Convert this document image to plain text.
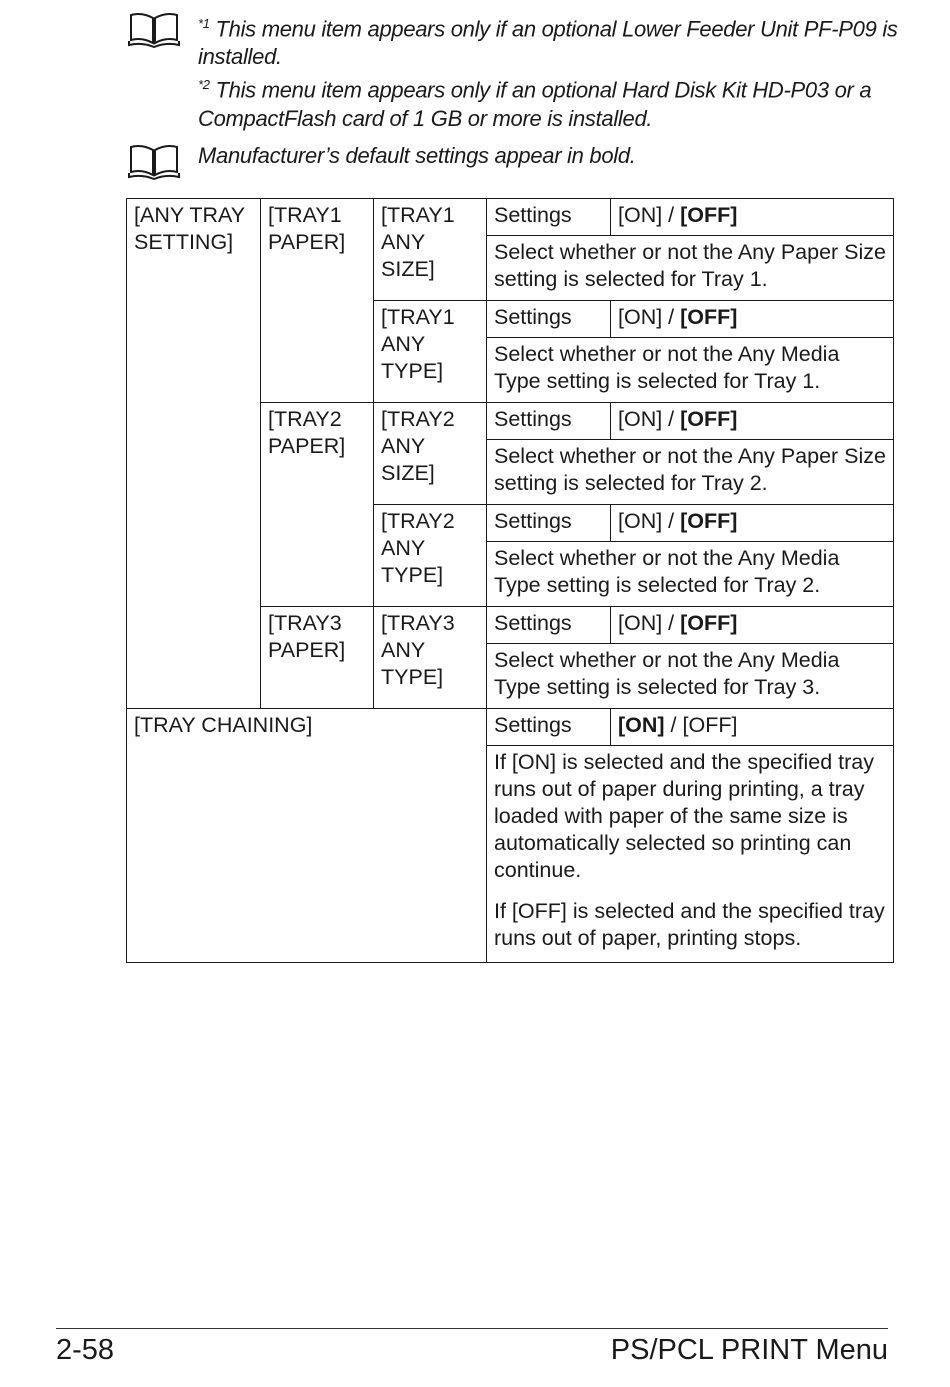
$^{*1}$ This menu item appears only if an optional Lower Feeder Unit PF-P09 is installed.

$^{*2}$ This menu item appears only if an optional Hard Disk Kit HD-P03 or a CompactFlash card of 1 GB or more is installed.

Manufacturer’s default settings appear in bold.

[ANY TRAY SETTING]	[TRAY1 PAPER]	[TRAY1 ANY SIZE]	Settings	[ON] / [OFF]
			Select whether or not the Any Paper Size setting is selected for Tray 1.	
		[TRAY1 ANY TYPE]	Settings	[ON] / [OFF]
			Select whether or not the Any Media Type setting is selected for Tray 1.	
	[TRAY2 PAPER]	[TRAY2 ANY SIZE]	Settings	[ON] / [OFF]
			Select whether or not the Any Paper Size setting is selected for Tray 2.	
		[TRAY2 ANY TYPE]	Settings	[ON] / [OFF]
			Select whether or not the Any Media Type setting is selected for Tray 2.	
	[TRAY3 PAPER]	[TRAY3 ANY TYPE]	Settings	[ON] / [OFF]
			Select whether or not the Any Media Type setting is selected for Tray 3.	
[TRAY CHAINING]			Settings	[ON] / [OFF]

			If [ON] is selected and the specified tray runs out of paper during printing, a tray loaded with paper of the same size is automatically selected so printing can continue.

If [OFF] is selected and the specified tray runs out of paper, printing stops.	

2-58	PS/PCL PRINT Menu
